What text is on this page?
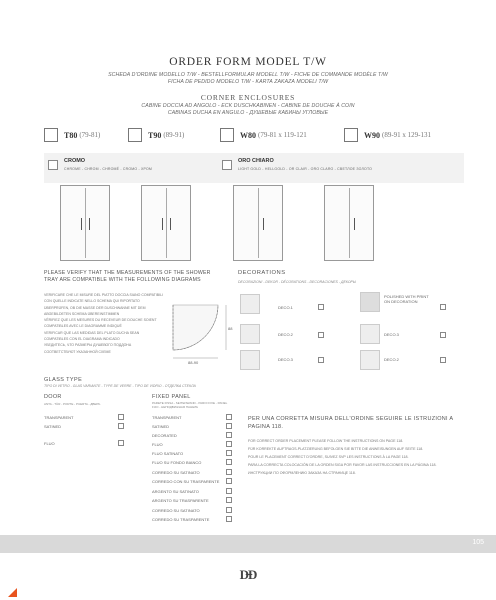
ORDER FORM MODEL T/W
SCHEDA D'ORDINE MODELLO T/W - BESTELLFORMULAR MODELL T/W - FICHE DE COMMANDE MODÈLE T/W
FICHA DE PEDIDO MODELO T/W - KARTA ZAKAZA MODELI T/W
CORNER ENCLOSURES
CABINE DOCCIA AD ANGOLO - ECK DUSCHKABINEN - CABINE DE DOUCHE À COIN
CABINAS DUCHA EN ANGULO - ДУШЕВЫЕ КАБИНЫ УГЛОВЫЕ
T80 (79-81)	T90 (89-91)	W80 (79-81 x 119-121	W90 (89-91 x 129-131
CROMO
CHROME - CHROM - CHROMÉ - CROMO - ХРОМ
ORO CHIARO
LIGHT GOLD - HELLGOLD - OR CLAIR - ORO CLARO - СВЕТЛОЕ ЗОЛОТО
PLEASE VERIFY THAT THE MEASUREMENTS OF THE SHOWER TRAY ARE COMPATIBLE WITH THE FOLLOWING DIAGRAMS

VERIFICARE CHE LE MISURE DEL PIATTO DOCCIA SIANO COMPATIBILI

CON QUELLE INDICATE NELLO SCHEMA QUI RIPORTATO

ÜBERPRÜFEN, OB DIE MASSE DER DUSCHWANNE MIT DEM

ABGEBILDETEN SCHEMA ÜBEREINSTIMMEN

VÉRIFIEZ QUE LES MESURES DU RECEVEUR DE DOUCHE SOIENT

COMPATIBLES AVEC LE DIAGRAMME INDIQUÉ

VERIFICAR QUE LAS MEDIDAS DEL PLATO DUCHA SEAN

COMPATIBLES CON EL DIAGRAMA INDICADO

УБЕДИТЕСЬ, ЧТО РАЗМЕРЫ ДУШЕВОГО ПОДДОНА

СООТВЕТСТВУЮТ УКАЗАННОЙ СХЕМЕ

88-90
88
DECORATIONS
DECORAZIONI - DEKOR - DÉCORATIONS - DECORACIONES - ДЕКОРЫ
DECO.1
POLISHED WITH PRINT ON DECORATION
DECO.2	DECO.3
DECO.3	DECO.2
GLASS TYPE
TIPO DI VETRO - GLAS VARIANTE - TYPE DE VERRE - TIPO DE VIDRIO - ОТДЕЛКА СТЕКЛА
DOOR
ANTA - TÜR - PORTE - PUERTA - ДВЕРЬ
TRANSPARENT
SATINED
FLUO
FIXED PANEL
PARETE FISSA - SEITENWAND - PAROI FIXE - PANEL FIJO - НЕПОДВИЖНАЯ ПАНЕЛЬ
TRANSPARENT
SATINED
DECORATED
FLUO
FLUO SATINATO
FLUO SU FONDO BIANCO
CORREDO SU SATINATO
CORREDO CON SU TRASPARENTE
ARGENTO SU SATINATO
ARGENTO SU TRASPARENTE
CORREDO SU SATINATO
CORREDO SU TRASPARENTE
PER UNA CORRETTA MISURA DELL'ORDINE SEGUIRE LE ISTRUZIONI A PAGINA 118.

FOR CORRECT ORDER PLACEMENT PLEASE FOLLOW THE INSTRUCTIONS ON PAGE 118.

FÜR KORREKTE AUFTRAGS-PLATZIERUNG BEFOLGEN SIE BITTE DIE ANWEISUNGEN AUF SEITE 118.

POUR LE PLACEMENT CORRECT D'ORDRE, SUIVEZ SVP LES INSTRUCTIONS À LA PAGE 118.

PARA LA CORRECTA COLOCACIÓN DE LA ORDEN SIGA POR FAVOR LAS INSTRUCCIONES EN LA PÁGINA 118.

ИНСТРУКЦИИ ПО ОФОРМЛЕНИЮ ЗАКАЗА НА СТРАНИЦЕ 118.

105
D̶D
